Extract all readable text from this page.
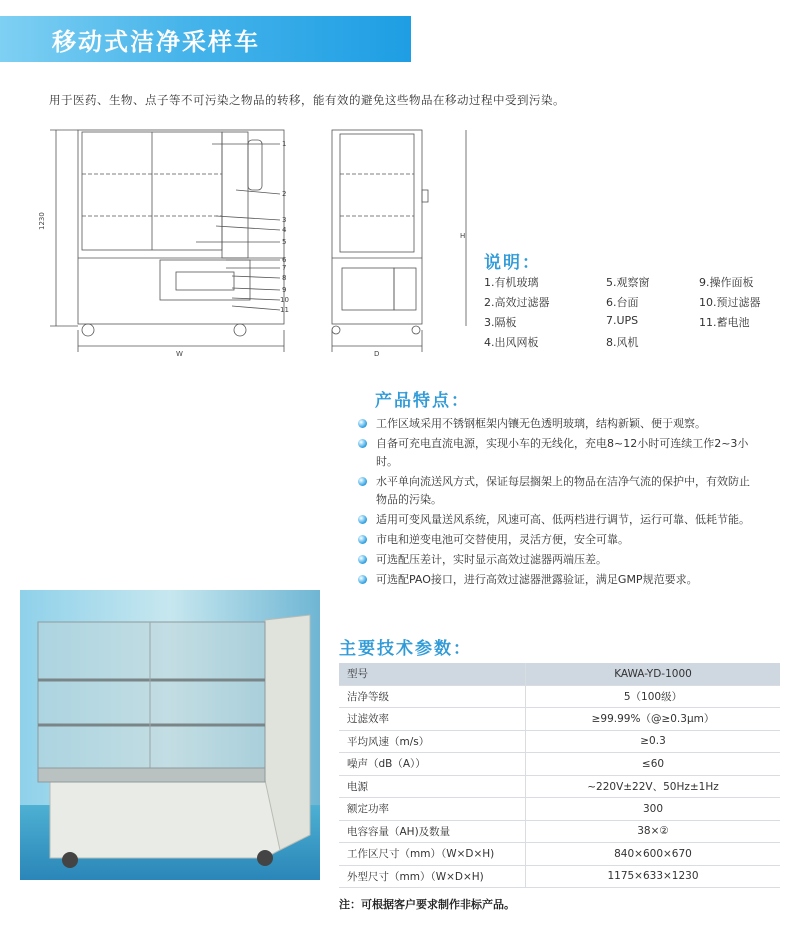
移动式洁净采样车
用于医药、生物、点子等不可污染之物品的转移，能有效的避免这些物品在移动过程中受到污染。
1230
W	D
H
1
2
3
4
5
6
7
8
9
10
11
说明：
1.有机玻璃	5.观察窗	9.操作面板
2.高效过滤器	6.台面	10.预过滤器
3.隔板	7.UPS	11.蓄电池
4.出风网板	8.风机
产品特点：
工作区域采用不锈钢框架内镶无色透明玻璃，结构新颖、便于观察。
自备可充电直流电源，实现小车的无线化，充电8~12小时可连续工作2~3小时。
水平单向流送风方式，保证每层搁架上的物品在洁净气流的保护中，有效防止物品的污染。
适用可变风量送风系统，风速可高、低两档进行调节，运行可靠、低耗节能。
市电和逆变电池可交替使用，灵活方便，安全可靠。
可选配压差计，实时显示高效过滤器两端压差。
可选配PAO接口，进行高效过滤器泄露验证，满足GMP规范要求。
主要技术参数：
型号	KAWA-YD-1000
洁净等级	5（100级）
过滤效率	≥99.99%（@≥0.3μm）
平均风速（m/s）	≥0.3
噪声（dB（A））	≤60
电源	~220V±22V、50Hz±1Hz
额定功率	300
电容容量（AH)及数量	38×②
工作区尺寸（mm）（W×D×H)	840×600×670
外型尺寸（mm）（W×D×H)	1175×633×1230
注：可根据客户要求制作非标产品。
